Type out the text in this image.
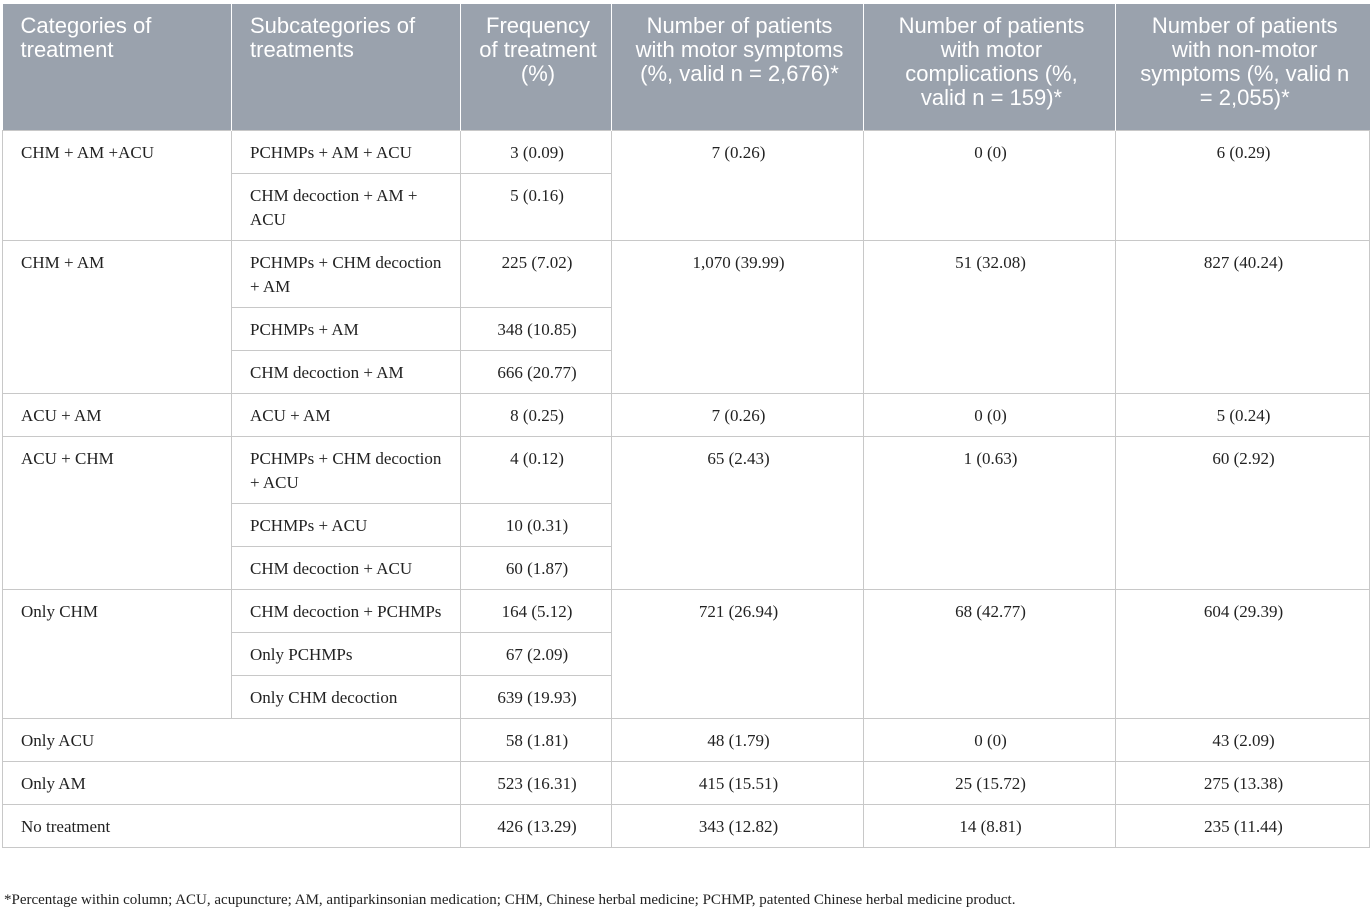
Categories of treatment	Subcategories of treatments	Frequency of treatment (%)	Number of patients with motor symptoms (%, valid n = 2,676)*	Number of patients with motor complications (%, valid n = 159)*	Number of patients with non-motor symptoms (%, valid n = 2,055)*
CHM + AM +ACU	PCHMPs + AM + ACU	3 (0.09)	7 (0.26)	0 (0)	6 (0.29)
	CHM decoction + AM + ACU	5 (0.16)			
CHM + AM	PCHMPs + CHM decoction + AM	225 (7.02)	1,070 (39.99)	51 (32.08)	827 (40.24)
	PCHMPs + AM	348 (10.85)			
	CHM decoction + AM	666 (20.77)			
ACU + AM	ACU + AM	8 (0.25)	7 (0.26)	0 (0)	5 (0.24)
ACU + CHM	PCHMPs + CHM decoction + ACU	4 (0.12)	65 (2.43)	1 (0.63)	60 (2.92)
	PCHMPs + ACU	10 (0.31)			
	CHM decoction + ACU	60 (1.87)			
Only CHM	CHM decoction + PCHMPs	164 (5.12)	721 (26.94)	68 (42.77)	604 (29.39)
	Only PCHMPs	67 (2.09)			
	Only CHM decoction	639 (19.93)			
Only ACU		58 (1.81)	48 (1.79)	0 (0)	43 (2.09)
Only AM		523 (16.31)	415 (15.51)	25 (15.72)	275 (13.38)
No treatment		426 (13.29)	343 (12.82)	14 (8.81)	235 (11.44)
*Percentage within column; ACU, acupuncture; AM, antiparkinsonian medication; CHM, Chinese herbal medicine; PCHMP, patented Chinese herbal medicine product.
